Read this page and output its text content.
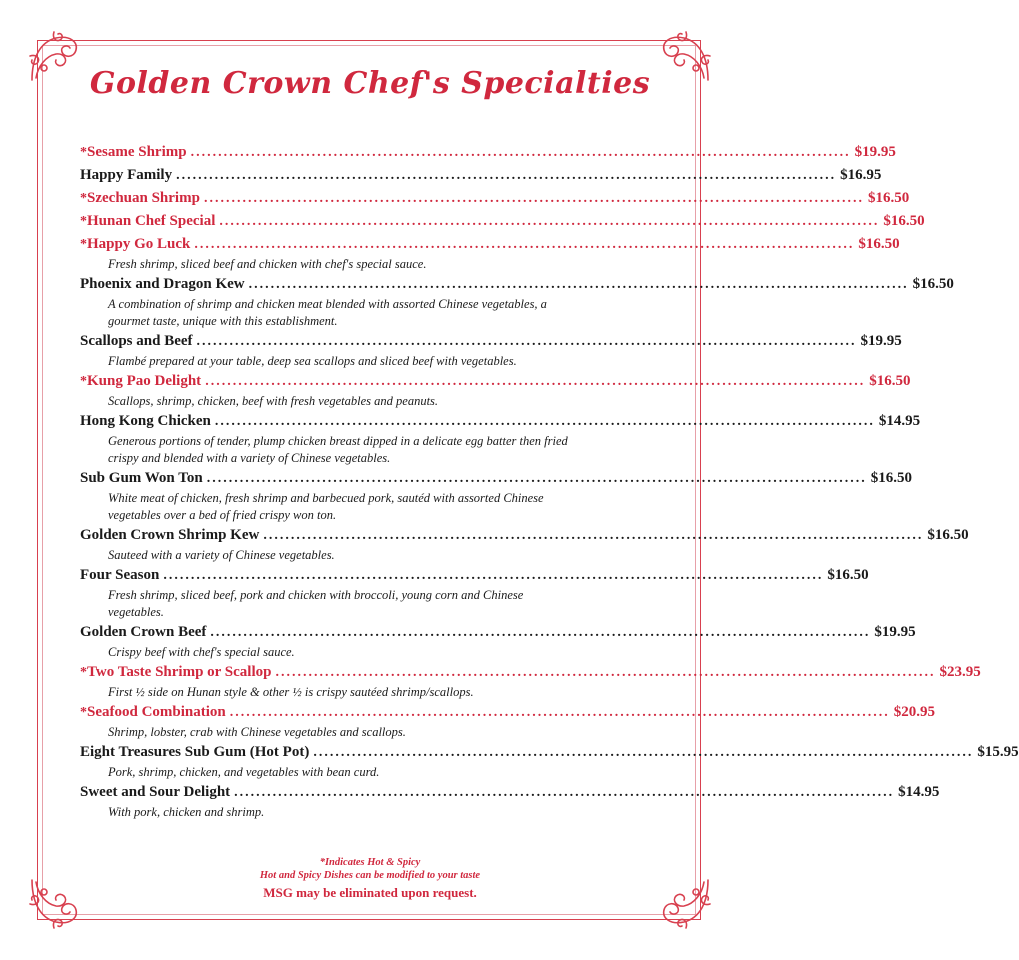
Golden Crown Chef's Specialties
* Sesame Shrimp ........................................................................................................................ $19.95
Happy Family ........................................................................................................................ $16.95
* Szechuan Shrimp ........................................................................................................................ $16.50
* Hunan Chef Special ........................................................................................................................ $16.50
* Happy Go Luck ........................................................................................................................ $16.50
Fresh shrimp, sliced beef and chicken with chef's special sauce.
Phoenix and Dragon Kew ........................................................................................................................ $16.50
A combination of shrimp and chicken meat blended with assorted Chinese vegetables, a gourmet taste, unique with this establishment.
Scallops and Beef ........................................................................................................................ $19.95
Flambé prepared at your table, deep sea scallops and sliced beef with vegetables.
* Kung Pao Delight ........................................................................................................................ $16.50
Scallops, shrimp, chicken, beef with fresh vegetables and peanuts.
Hong Kong Chicken ........................................................................................................................ $14.95
Generous portions of tender, plump chicken breast dipped in a delicate egg batter then fried crispy and blended with a variety of Chinese vegetables.
Sub Gum Won Ton ........................................................................................................................ $16.50
White meat of chicken, fresh shrimp and barbecued pork, sautéd with assorted Chinese vegetables over a bed of fried crispy won ton.
Golden Crown Shrimp Kew ........................................................................................................................ $16.50
Sauteed with a variety of Chinese vegetables.
Four Season ........................................................................................................................ $16.50
Fresh shrimp, sliced beef, pork and chicken with broccoli, young corn and Chinese vegetables.
Golden Crown Beef ........................................................................................................................ $19.95
Crispy beef with chef's special sauce.
* Two Taste Shrimp or Scallop ........................................................................................................................ $23.95
First ½ side on Hunan style & other ½ is crispy sautéed shrimp/scallops.
* Seafood Combination ........................................................................................................................ $20.95
Shrimp, lobster, crab with Chinese vegetables and scallops.
Eight Treasures Sub Gum (Hot Pot) ........................................................................................................................ $15.95
Pork, shrimp, chicken, and vegetables with bean curd.
Sweet and Sour Delight ........................................................................................................................ $14.95
With pork, chicken and shrimp.
*Indicates Hot & Spicy
Hot and Spicy Dishes can be modified to your taste
MSG may be eliminated upon request.
